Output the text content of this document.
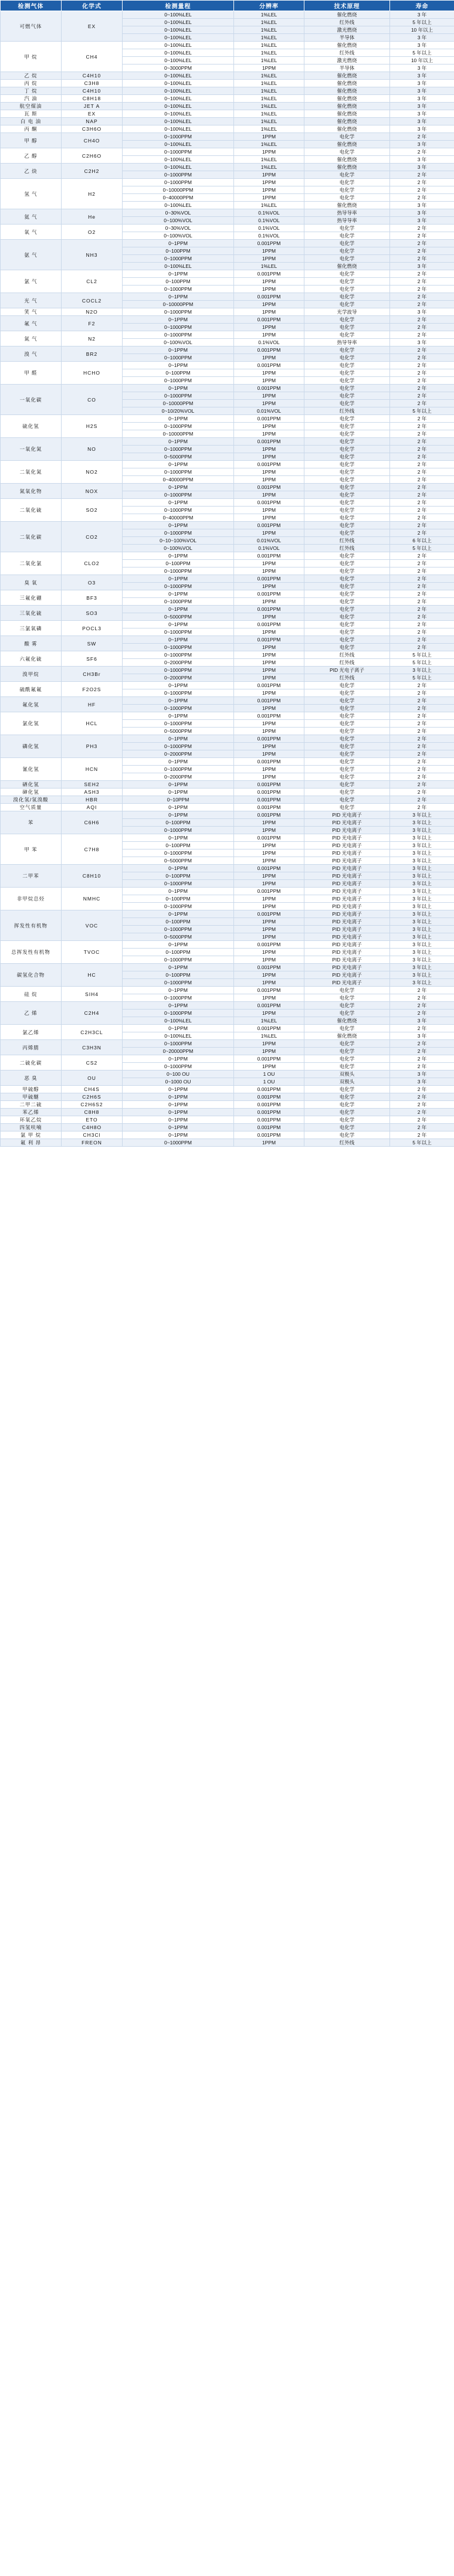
检测气体	化学式	检测量程	分辨率	技术原理	寿命
可燃气体	EX	0~100%LEL	1%LEL	催化燃烧	3 年
		0~100%LEL	1%LEL	红外线	5 年以上
		0~100%LEL	1%LEL	激光燃烧	10 年以上
		0~100%LEL	1%LEL	半导体	3 年
甲 烷	CH4	0~100%LEL	1%LEL	催化燃烧	3 年
		0~100%LEL	1%LEL	红外线	5 年以上
		0~100%LEL	1%LEL	激光燃烧	10 年以上
		0~3000PPM	1PPM	半导体	3 年
乙 烷	C4H10	0~100%LEL	1%LEL	催化燃烧	3 年
丙 烷	C3H8	0~100%LEL	1%LEL	催化燃烧	3 年
丁 烷	C4H10	0~100%LEL	1%LEL	催化燃烧	3 年
汽 油	C8H18	0~100%LEL	1%LEL	催化燃烧	3 年
航空煤油	JET A	0~100%LEL	1%LEL	催化燃烧	3 年
瓦 斯	EX	0~100%LEL	1%LEL	催化燃烧	3 年
白 电 油	NAP	0~100%LEL	1%LEL	催化燃烧	3 年
丙 酮	C3H6O	0~100%LEL	1%LEL	催化燃烧	3 年
甲 醇	CH4O	0~1000PPM	1PPM	电化学	2 年
		0~100%LEL	1%LEL	催化燃烧	3 年
乙 醇	C2H6O	0~1000PPM	1PPM	电化学	2 年
		0~100%LEL	1%LEL	催化燃烧	3 年
乙 炔	C2H2	0~100%LEL	1%LEL	催化燃烧	3 年
		0~1000PPM	1PPM	电化学	2 年
氢 气	H2	0~1000PPM	1PPM	电化学	2 年
		0~10000PPM	1PPM	电化学	2 年
		0~40000PPM	1PPM	电化学	2 年
		0~100%LEL	1%LEL	催化燃烧	3 年
氦 气	He	0~30%VOL	0.1%VOL	热导导率	3 年
		0~100%VOL	0.1%VOL	热导导率	3 年
氧 气	O2	0~30%VOL	0.1%VOL	电化学	2 年
		0~100%VOL	0.1%VOL	电化学	2 年
氨 气	NH3	0~1PPM	0.001PPM	电化学	2 年
		0~100PPM	1PPM	电化学	2 年
		0~1000PPM	1PPM	电化学	2 年
		0~100%LEL	1%LEL	催化燃烧	3 年
氯 气	CL2	0~1PPM	0.001PPM	电化学	2 年
		0~100PPM	1PPM	电化学	2 年
		0~1000PPM	1PPM	电化学	2 年
光 气	COCL2	0~1PPM	0.001PPM	电化学	2 年
		0~10000PPM	1PPM	电化学	2 年
笑 气	N2O	0~1000PPM	1PPM	光学波导	3 年
氟 气	F2	0~1PPM	0.001PPM	电化学	2 年
		0~1000PPM	1PPM	电化学	2 年
氮 气	N2	0~1000PPM	1PPM	电化学	2 年
		0~100%VOL	0.1%VOL	热导导率	3 年
溴 气	BR2	0~1PPM	0.001PPM	电化学	2 年
		0~1000PPM	1PPM	电化学	2 年
甲 醛	HCHO	0~1PPM	0.001PPM	电化学	2 年
		0~100PPM	1PPM	电化学	2 年
		0~1000PPM	1PPM	电化学	2 年
一氧化碳	CO	0~1PPM	0.001PPM	电化学	2 年
		0~1000PPM	1PPM	电化学	2 年
		0~10000PPM	1PPM	电化学	2 年
		0~10/20%VOL	0.01%VOL	红外线	5 年以上
硫化氢	H2S	0~1PPM	0.001PPM	电化学	2 年
		0~1000PPM	1PPM	电化学	2 年
		0~10000PPM	1PPM	电化学	2 年
一氧化氮	NO	0~1PPM	0.001PPM	电化学	2 年
		0~1000PPM	1PPM	电化学	2 年
		0~5000PPM	1PPM	电化学	2 年
二氧化氮	NO2	0~1PPM	0.001PPM	电化学	2 年
		0~1000PPM	1PPM	电化学	2 年
		0~40000PPM	1PPM	电化学	2 年
氮氧化物	NOX	0~1PPM	0.001PPM	电化学	2 年
		0~1000PPM	1PPM	电化学	2 年
二氧化硫	SO2	0~1PPM	0.001PPM	电化学	2 年
		0~1000PPM	1PPM	电化学	2 年
		0~40000PPM	1PPM	电化学	2 年
二氧化碳	CO2	0~1PPM	0.001PPM	电化学	2 年
		0~1000PPM	1PPM	电化学	2 年
		0~10~100%VOL	0.01%VOL	红外线	6 年以上
		0~100%VOL	0.1%VOL	红外线	5 年以上
二氧化氯	CLO2	0~1PPM	0.001PPM	电化学	2 年
		0~100PPM	1PPM	电化学	2 年
		0~1000PPM	1PPM	电化学	2 年
臭 氧	O3	0~1PPM	0.001PPM	电化学	2 年
		0~1000PPM	1PPM	电化学	2 年
三氟化硼	BF3	0~1PPM	0.001PPM	电化学	2 年
		0~1000PPM	1PPM	电化学	2 年
三氧化硫	SO3	0~1PPM	0.001PPM	电化学	2 年
		0~5000PPM	1PPM	电化学	2 年
三氯氧磷	POCL3	0~1PPM	0.001PPM	电化学	2 年
		0~1000PPM	1PPM	电化学	2 年
酸 雾	SW	0~1PPM	0.001PPM	电化学	2 年
		0~1000PPM	1PPM	电化学	2 年
六氟化硫	SF6	0~1000PPM	1PPM	红外线	5 年以上
		0~2000PPM	1PPM	红外线	5 年以上
溴甲烷	CH3Br	0~1000PPM	1PPM	PID 光电子离子	3 年以上
		0~2000PPM	1PPM	红外线	5 年以上
硫酰氟氟	F2O2S	0~1PPM	0.001PPM	电化学	2 年
		0~1000PPM	1PPM	电化学	2 年
氟化氢	HF	0~1PPM	0.001PPM	电化学	2 年
		0~1000PPM	1PPM	电化学	2 年
氯化氢	HCL	0~1PPM	0.001PPM	电化学	2 年
		0~1000PPM	1PPM	电化学	2 年
		0~5000PPM	1PPM	电化学	2 年
磷化氢	PH3	0~1PPM	0.001PPM	电化学	2 年
		0~1000PPM	1PPM	电化学	2 年
		0~2000PPM	1PPM	电化学	2 年
氰化氢	HCN	0~1PPM	0.001PPM	电化学	2 年
		0~1000PPM	1PPM	电化学	2 年
		0~2000PPM	1PPM	电化学	2 年
硒化氢	SEH2	0~1PPM	0.001PPM	电化学	2 年
砷化氢	ASH3	0~1PPM	0.001PPM	电化学	2 年
溴化氢/氢溴酸	HBR	0~10PPM	0.001PPM	电化学	2 年
空气质量	AQI	0~1PPM	0.001PPM	电化学	2 年
苯	C6H6	0~1PPM	0.001PPM	PID 光电离子	3 年以上
		0~100PPM	1PPM	PID 光电离子	3 年以上
		0~1000PPM	1PPM	PID 光电离子	3 年以上
甲 苯	C7H8	0~1PPM	0.001PPM	PID 光电离子	3 年以上
		0~100PPM	1PPM	PID 光电离子	3 年以上
		0~1000PPM	1PPM	PID 光电离子	3 年以上
		0~5000PPM	1PPM	PID 光电离子	3 年以上
二甲苯	C8H10	0~1PPM	0.001PPM	PID 光电离子	3 年以上
		0~100PPM	1PPM	PID 光电离子	3 年以上
		0~1000PPM	1PPM	PID 光电离子	3 年以上
非甲烷总烃	NMHC	0~1PPM	0.001PPM	PID 光电离子	3 年以上
		0~100PPM	1PPM	PID 光电离子	3 年以上
		0~1000PPM	1PPM	PID 光电离子	3 年以上
挥发性有机物	VOC	0~1PPM	0.001PPM	PID 光电离子	3 年以上
		0~100PPM	1PPM	PID 光电离子	3 年以上
		0~1000PPM	1PPM	PID 光电离子	3 年以上
		0~5000PPM	1PPM	PID 光电离子	3 年以上
总挥发性有机物	TVOC	0~1PPM	0.001PPM	PID 光电离子	3 年以上
		0~100PPM	1PPM	PID 光电离子	3 年以上
		0~1000PPM	1PPM	PID 光电离子	3 年以上
碳氢化合物	HC	0~1PPM	0.001PPM	PID 光电离子	3 年以上
		0~100PPM	1PPM	PID 光电离子	3 年以上
		0~1000PPM	1PPM	PID 光电离子	3 年以上
硅 烷	SIH4	0~1PPM	0.001PPM	电化学	2 年
		0~1000PPM	1PPM	电化学	2 年
乙 烯	C2H4	0~1PPM	0.001PPM	电化学	2 年
		0~1000PPM	1PPM	电化学	2 年
		0~100%LEL	1%LEL	催化燃烧	3 年
氯乙烯	C2H3CL	0~1PPM	0.001PPM	电化学	2 年
		0~100%LEL	1%LEL	催化燃烧	3 年
丙烯腈	C3H3N	0~1000PPM	1PPM	电化学	2 年
		0~20000PPM	1PPM	电化学	2 年
二硫化碳	CS2	0~1PPM	0.001PPM	电化学	2 年
		0~1000PPM	1PPM	电化学	2 年
恶 臭	OU	0~100 OU	1 OU	双极头	3 年
		0~1000 OU	1 OU	双极头	3 年
甲硫醇	CH4S	0~1PPM	0.001PPM	电化学	2 年
甲硫醚	C2H6S	0~1PPM	0.001PPM	电化学	2 年
二甲二硫	C2H6S2	0~1PPM	0.001PPM	电化学	2 年
苯乙烯	C8H8	0~1PPM	0.001PPM	电化学	2 年
环氧乙烷	ETO	0~1PPM	0.001PPM	电化学	2 年
四氢呋喃	C4H8O	0~1PPM	0.001PPM	电化学	2 年
氯 甲 烷	CH3Cl	0~1PPM	0.001PPM	电化学	2 年
氟 利 昂	FREON	0~1000PPM	1PPM	红外线	5 年以上
